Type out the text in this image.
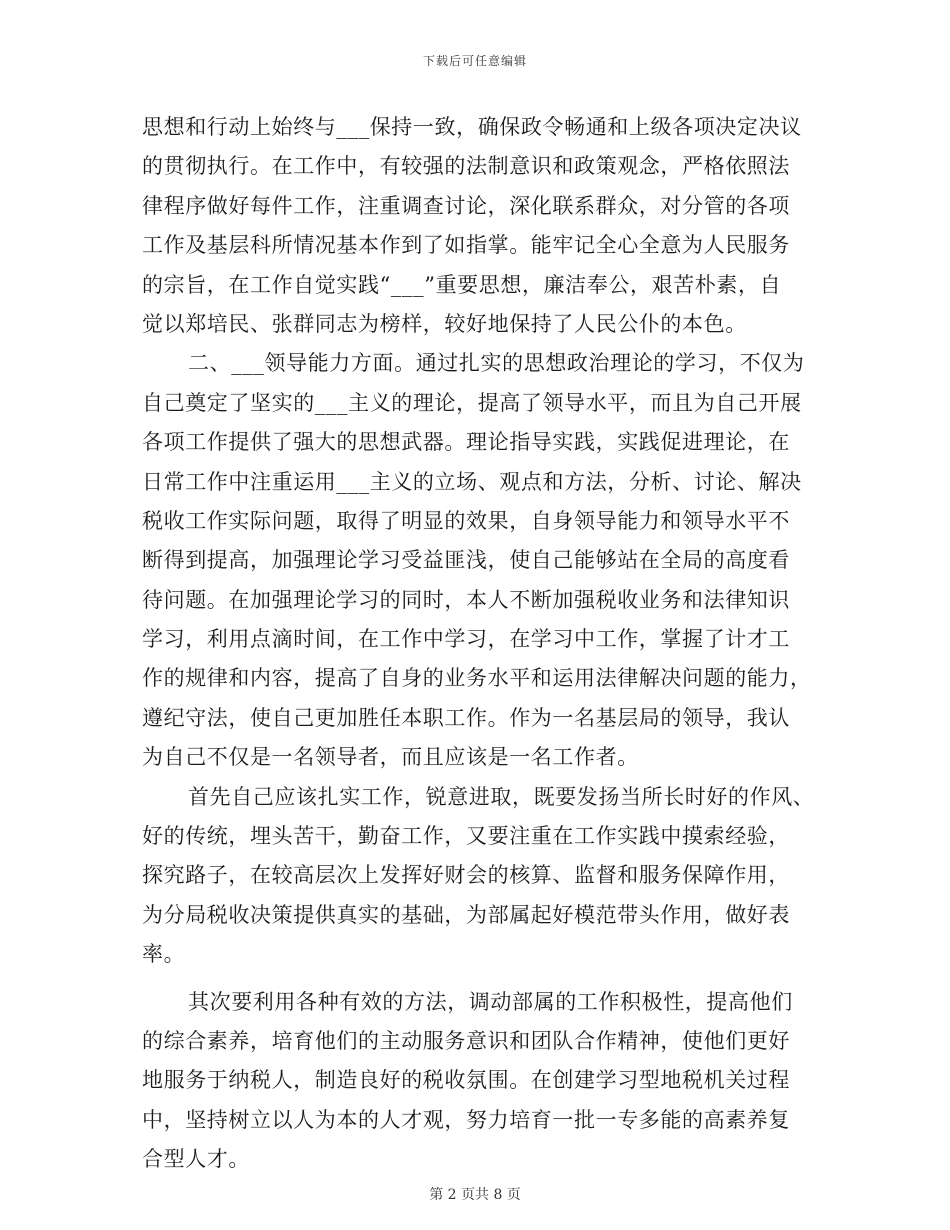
下载后可任意编辑
思想和行动上始终与___保持一致，确保政令畅通和上级各项决定决议
的贯彻执行。在工作中，有较强的法制意识和政策观念，严格依照法
律程序做好每件工作，注重调查讨论，深化联系群众，对分管的各项
工作及基层科所情况基本作到了如指掌。能牢记全心全意为人民服务
的宗旨，在工作自觉实践“___”重要思想，廉洁奉公，艰苦朴素，自
觉以郑培民、张群同志为榜样，较好地保持了人民公仆的本色。
二、___领导能力方面。通过扎实的思想政治理论的学习，不仅为
自己奠定了坚实的___主义的理论，提高了领导水平，而且为自己开展
各项工作提供了强大的思想武器。理论指导实践，实践促进理论，在
日常工作中注重运用___主义的立场、观点和方法，分析、讨论、解决
税收工作实际问题，取得了明显的效果，自身领导能力和领导水平不
断得到提高，加强理论学习受益匪浅，使自己能够站在全局的高度看
待问题。在加强理论学习的同时，本人不断加强税收业务和法律知识
学习，利用点滴时间，在工作中学习，在学习中工作，掌握了计才工
作的规律和内容，提高了自身的业务水平和运用法律解决问题的能力，
遵纪守法，使自己更加胜任本职工作。作为一名基层局的领导，我认
为自己不仅是一名领导者，而且应该是一名工作者。
首先自己应该扎实工作，锐意进取，既要发扬当所长时好的作风、
好的传统，埋头苦干，勤奋工作，又要注重在工作实践中摸索经验，
探究路子，在较高层次上发挥好财会的核算、监督和服务保障作用，
为分局税收决策提供真实的基础，为部属起好模范带头作用，做好表
率。
其次要利用各种有效的方法，调动部属的工作积极性，提高他们
的综合素养，培育他们的主动服务意识和团队合作精神，使他们更好
地服务于纳税人，制造良好的税收氛围。在创建学习型地税机关过程
中，坚持树立以人为本的人才观，努力培育一批一专多能的高素养复
合型人才。
第 2 页共 8 页
